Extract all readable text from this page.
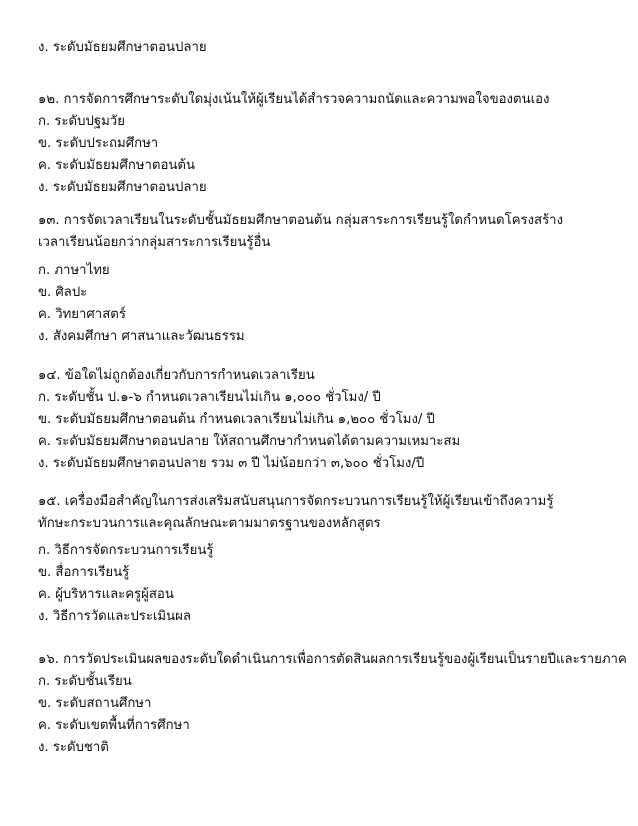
ง. ระดับมัธยมศึกษาตอนปลาย
๑๒. การจัดการศึกษาระดับใดมุ่งเน้นให้ผู้เรียนได้สำรวจความถนัดและความพอใจของตนเอง
ก. ระดับปฐมวัย
ข. ระดับประถมศึกษา
ค. ระดับมัธยมศึกษาตอนต้น
ง. ระดับมัธยมศึกษาตอนปลาย
๑๓. การจัดเวลาเรียนในระดับชั้นมัธยมศึกษาตอนต้น กลุ่มสาระการเรียนรู้ใดกำหนดโครงสร้าง
เวลาเรียนน้อยกว่ากลุ่มสาระการเรียนรู้อื่น
ก. ภาษาไทย
ข. ศิลปะ
ค. วิทยาศาสตร์
ง. สังคมศึกษา ศาสนาและวัฒนธรรม
๑๔. ข้อใดไม่ถูกต้องเกี่ยวกับการกำหนดเวลาเรียน
ก. ระดับชั้น ป.๑-๖ กำหนดเวลาเรียนไม่เกิน ๑,๐๐๐ ชั่วโมง/ ปี
ข. ระดับมัธยมศึกษาตอนต้น กำหนดเวลาเรียนไม่เกิน ๑,๒๐๐ ชั่วโมง/ ปี
ค. ระดับมัธยมศึกษาตอนปลาย ให้สถานศึกษากำหนดได้ตามความเหมาะสม
ง. ระดับมัธยมศึกษาตอนปลาย รวม ๓ ปี ไม่น้อยกว่า ๓,๖๐๐ ชั่วโมง/ปี
๑๕. เครื่องมือสำคัญในการส่งเสริมสนับสนุนการจัดกระบวนการเรียนรู้ให้ผู้เรียนเข้าถึงความรู้
ทักษะกระบวนการและคุณลักษณะตามมาตรฐานของหลักสูตร
ก. วิธีการจัดกระบวนการเรียนรู้
ข. สื่อการเรียนรู้
ค. ผู้บริหารและครูผู้สอน
ง. วิธีการวัดและประเมินผล
๑๖. การวัดประเมินผลของระดับใดดำเนินการเพื่อการตัดสินผลการเรียนรู้ของผู้เรียนเป็นรายปีและรายภาค
ก. ระดับชั้นเรียน
ข. ระดับสถานศึกษา
ค. ระดับเขตพื้นที่การศึกษา
ง. ระดับชาติ
